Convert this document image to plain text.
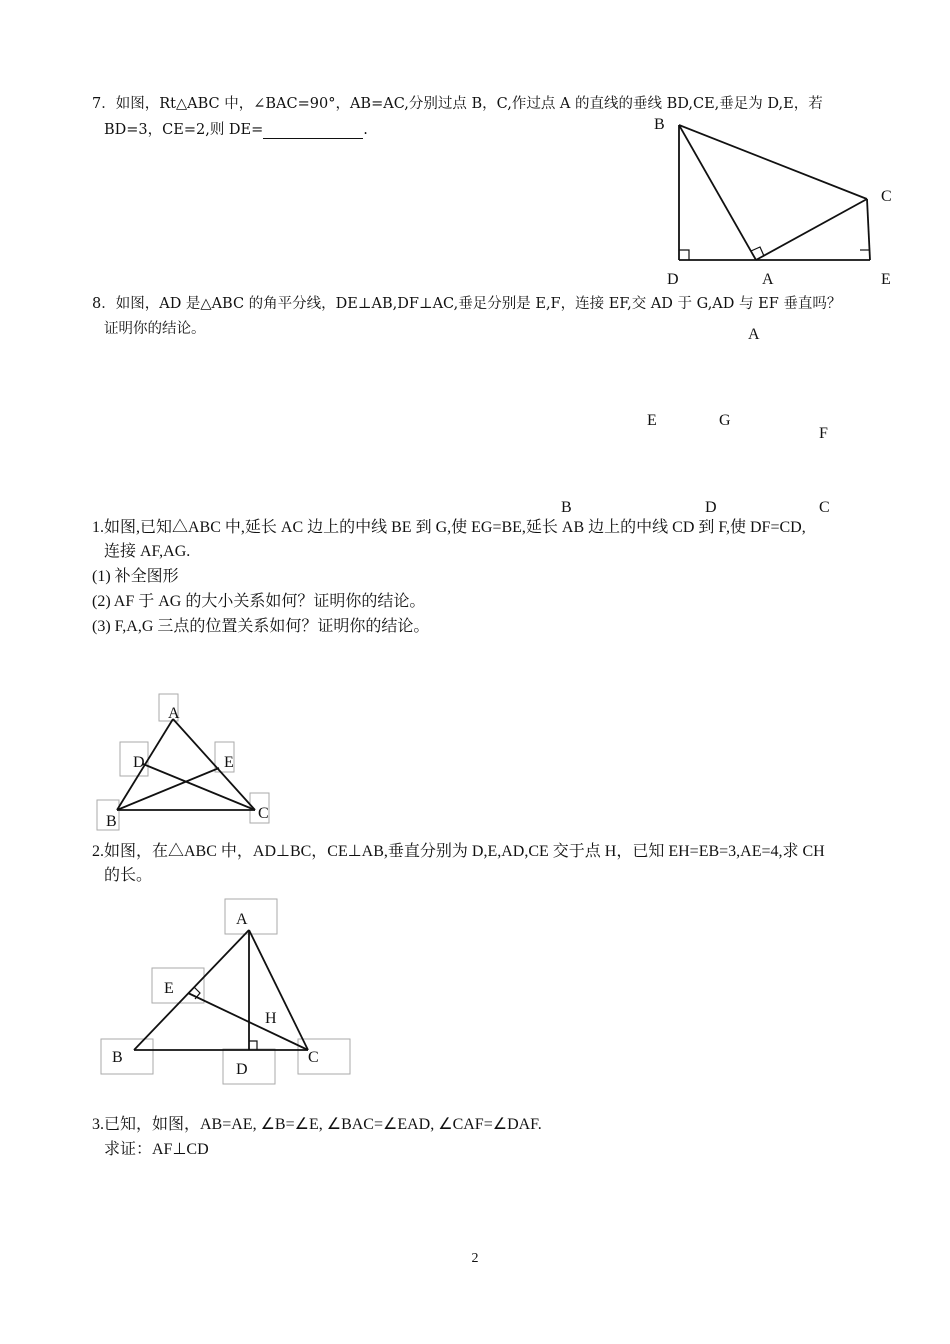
7．如图，Rt△ABC 中，∠BAC=90°，AB=AC,分别过点 B，C,作过点 A 的直线的垂线 BD,CE,垂足为 D,E，若
BD=3，CE=2,则 DE=	.	B
C
D	A	E
8．如图，AD 是△ABC 的角平分线，DE⊥AB,DF⊥AC,垂足分别是 E,F，连接 EF,交 AD 于 G,AD 与 EF 垂直吗？
证明你的结论。	A
E	G
F
B	D	C
1.如图,已知△ABC 中,延长 AC 边上的中线 BE 到 G,使 EG=BE,延长 AB 边上的中线 CD 到 F,使 DF=CD,
连接 AF,AG.
(1) 补全图形
(2) AF 于 AG 的大小关系如何？证明你的结论。
(3) F,A,G 三点的位置关系如何？证明你的结论。
A
D	E
B	C
2.如图，在△ABC 中，AD⊥BC，CE⊥AB,垂直分别为 D,E,AD,CE 交于点 H，已知 EH=EB=3,AE=4,求 CH
的长。
A
E
H
B
D
C
3.已知，如图，AB=AE, ∠B=∠E, ∠BAC=∠EAD, ∠CAF=∠DAF.
求证：AF⊥CD
2
